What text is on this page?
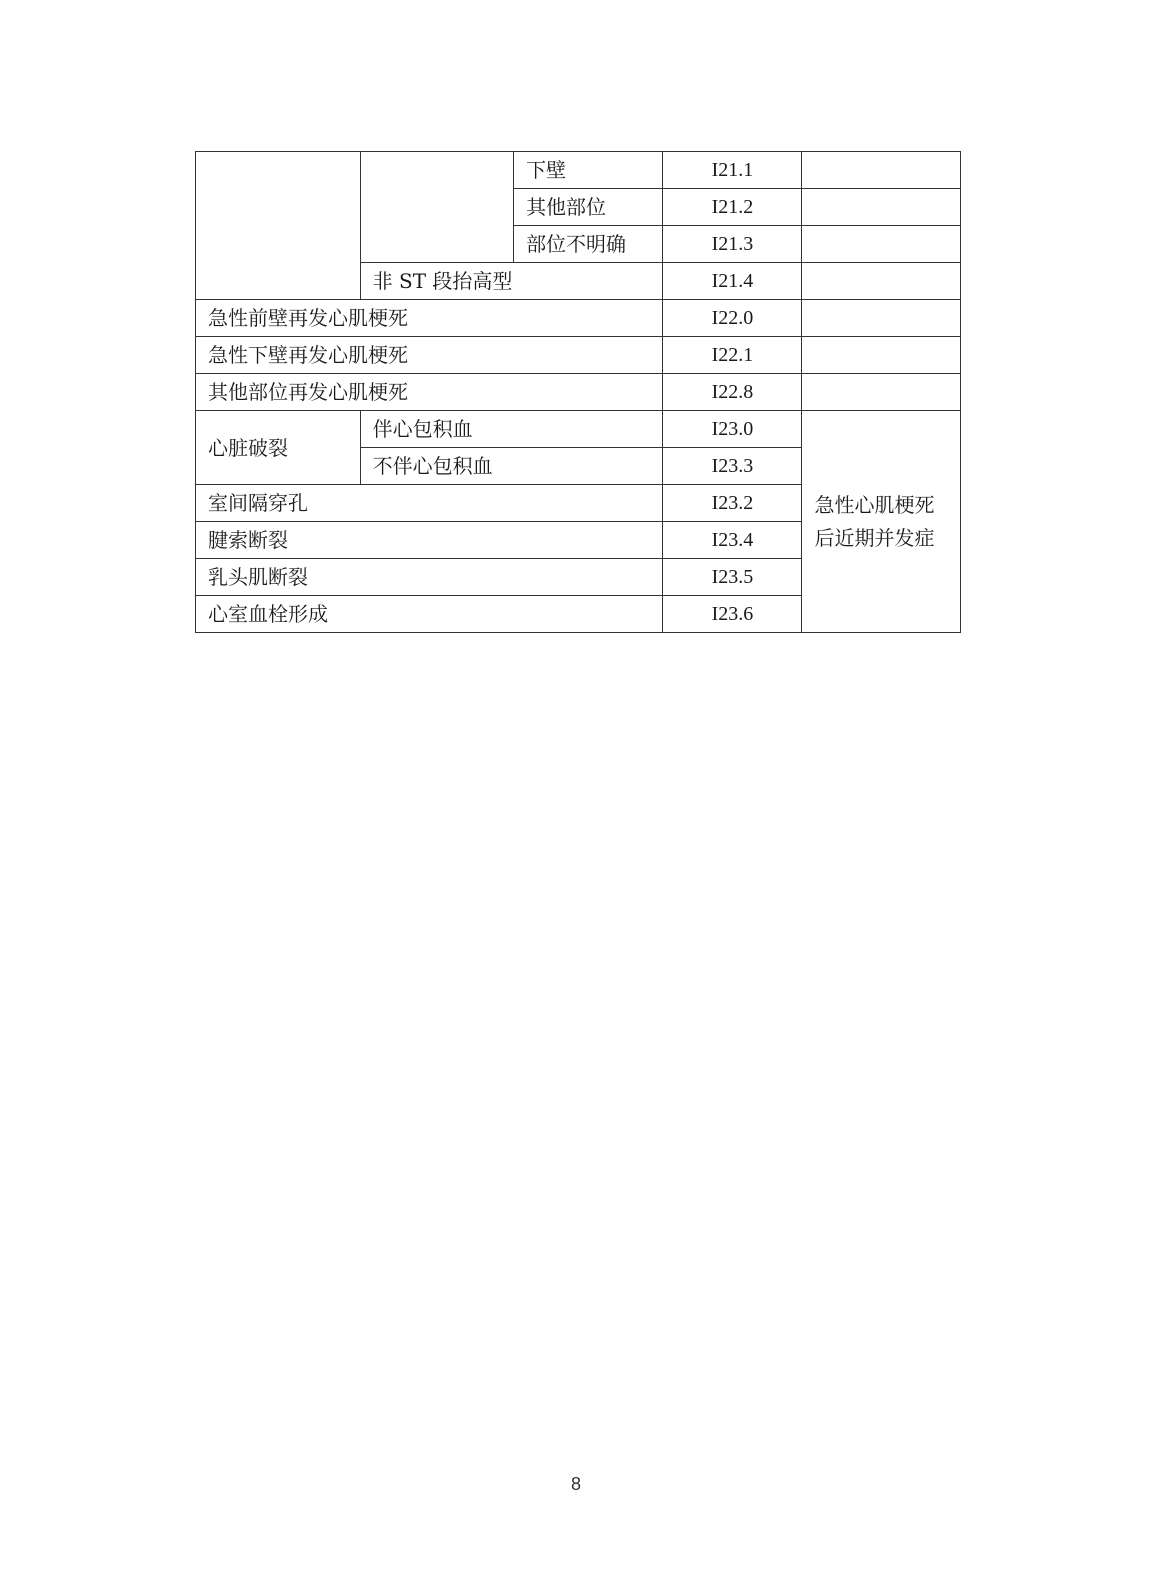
		下壁	I21.1	
		其他部位	I21.2	
		部位不明确	I21.3	
	非 ST 段抬高型		I21.4	
急性前壁再发心肌梗死			I22.0	
急性下壁再发心肌梗死			I22.1	
其他部位再发心肌梗死			I22.8	
心脏破裂	伴心包积血		I23.0	急性心肌梗死后近期并发症
	不伴心包积血		I23.3	
室间隔穿孔			I23.2	
腱索断裂			I23.4	
乳头肌断裂			I23.5	
心室血栓形成			I23.6	
8
